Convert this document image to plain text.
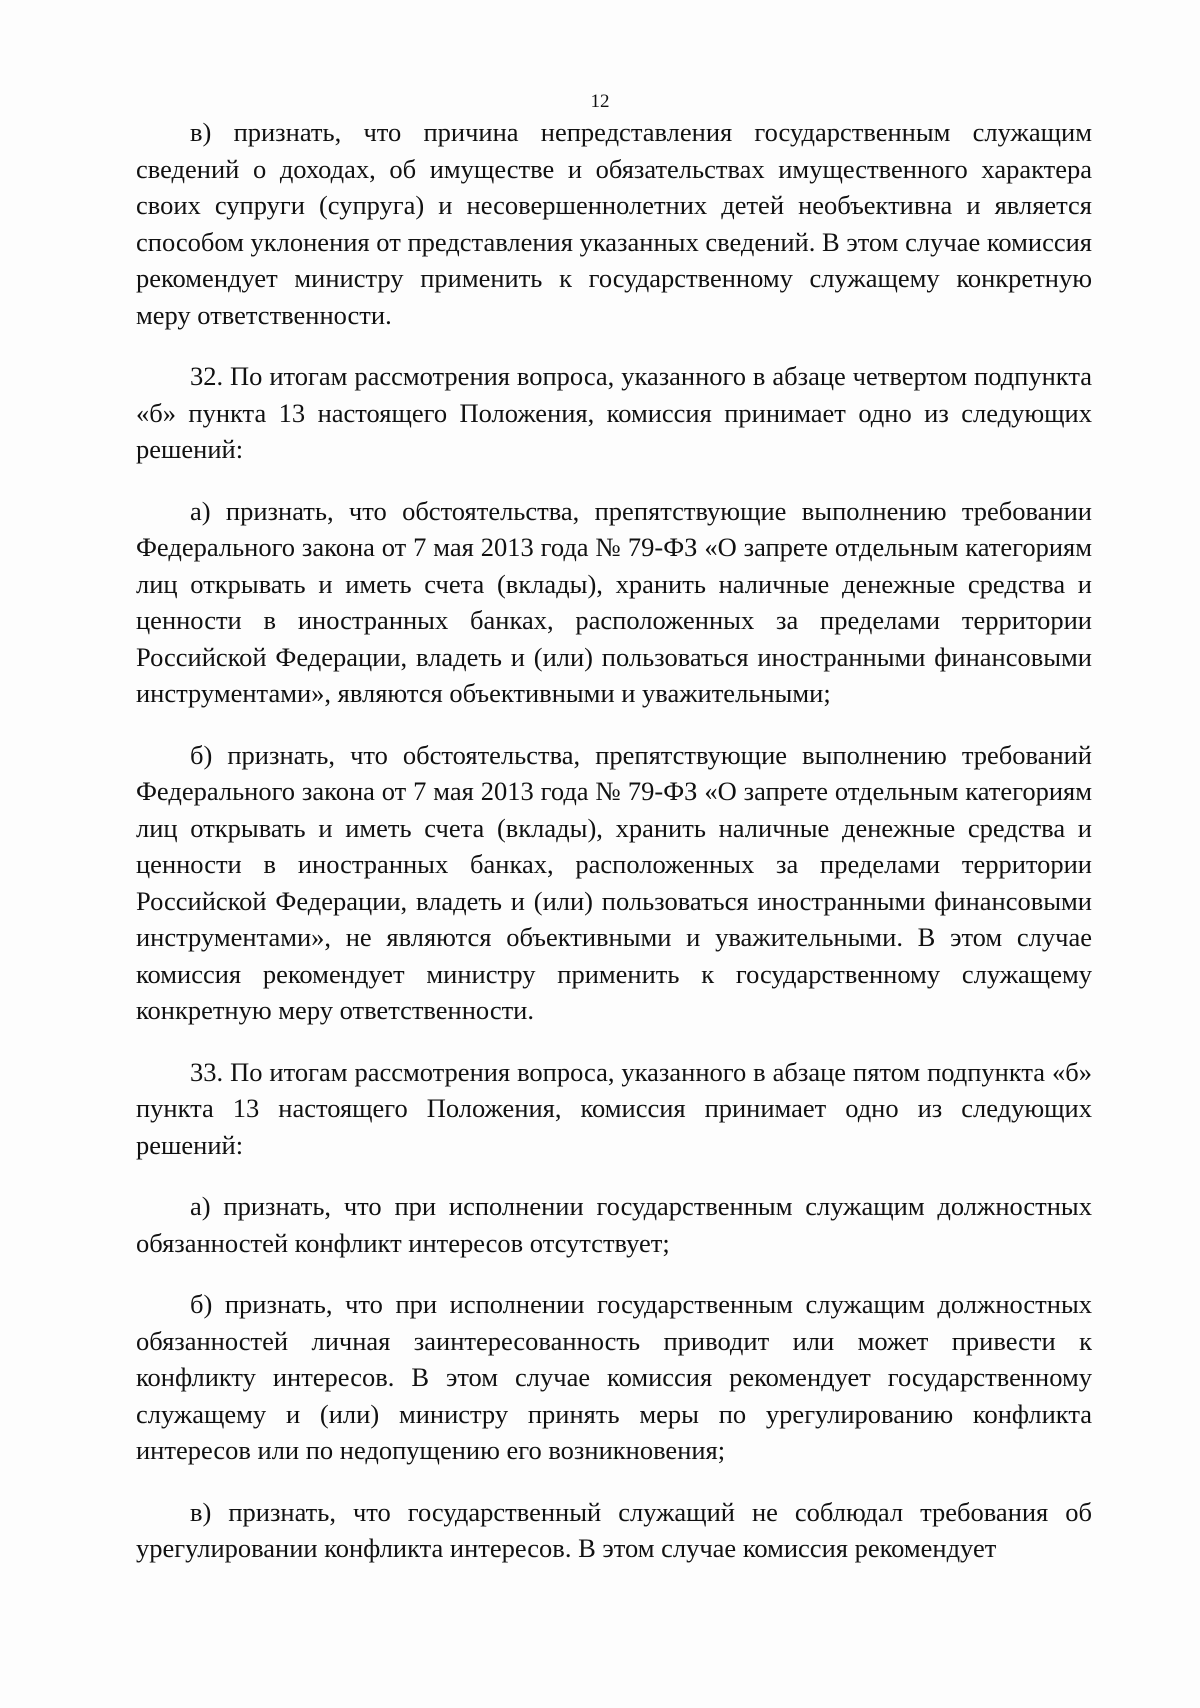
12

в) признать, что причина непредставления государственным служащим сведений о доходах, об имуществе и обязательствах имущественного характера своих супруги (супруга) и несовершеннолетних детей необъективна и является способом уклонения от представления указанных сведений. В этом случае комиссия рекомендует министру применить к государственному служащему конкретную меру ответственности.

32. По итогам рассмотрения вопроса, указанного в абзаце четвертом подпункта «б» пункта 13 настоящего Положения, комиссия принимает одно из следующих решений:

а) признать, что обстоятельства, препятствующие выполнению требовании Федерального закона от 7 мая 2013 года № 79-ФЗ «О запрете отдельным категориям лиц открывать и иметь счета (вклады), хранить наличные денежные средства и ценности в иностранных банках, расположенных за пределами территории Российской Федерации, владеть и (или) пользоваться иностранными финансовыми инструментами», являются объективными и уважительными;

б) признать, что обстоятельства, препятствующие выполнению требований Федерального закона от 7 мая 2013 года № 79-ФЗ «О запрете отдельным категориям лиц открывать и иметь счета (вклады), хранить наличные денежные средства и ценности в иностранных банках, расположенных за пределами территории Российской Федерации, владеть и (или) пользоваться иностранными финансовыми инструментами», не являются объективными и уважительными. В этом случае комиссия рекомендует министру применить к государственному служащему конкретную меру ответственности.

33. По итогам рассмотрения вопроса, указанного в абзаце пятом подпункта «б» пункта 13 настоящего Положения, комиссия принимает одно из следующих решений:

а) признать, что при исполнении государственным служащим должностных обязанностей конфликт интересов отсутствует;

б) признать, что при исполнении государственным служащим должностных обязанностей личная заинтересованность приводит или может привести к конфликту интересов. В этом случае комиссия рекомендует государственному служащему и (или) министру принять меры по урегулированию конфликта интересов или по недопущению его возникновения;

в) признать, что государственный служащий не соблюдал требования об урегулировании конфликта интересов. В этом случае комиссия рекомендует
